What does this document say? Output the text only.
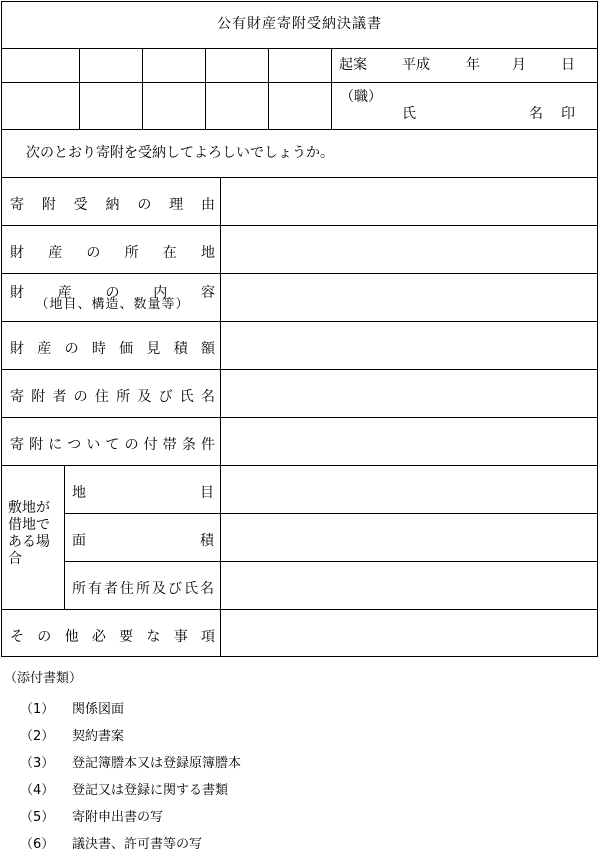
公有財産寄附受納決議書
起案	平成	年 月	日
（職）
氏	名 印
次のとおり寄附を受納してよろしいでしょうか。
寄 附 受 納 の 理 由
財 産 の 所 在 地
財 産 の 内 容
（地目、構造、数量等）
財 産 の 時 価 見 積 額
寄 附 者 の 住 所 及 び 氏 名
寄 附 に つ い て の 付 帯 条 件
敷地が借地である場合
地	目
面	積
所 有 者 住 所 及 び 氏 名
そ の 他 必 要 な 事 項
（添付書類）
（1） 関係図面
（2） 契約書案
（3） 登記簿謄本又は登録原簿謄本
（4） 登記又は登録に関する書類
（5） 寄附申出書の写
（6） 議決書、許可書等の写
